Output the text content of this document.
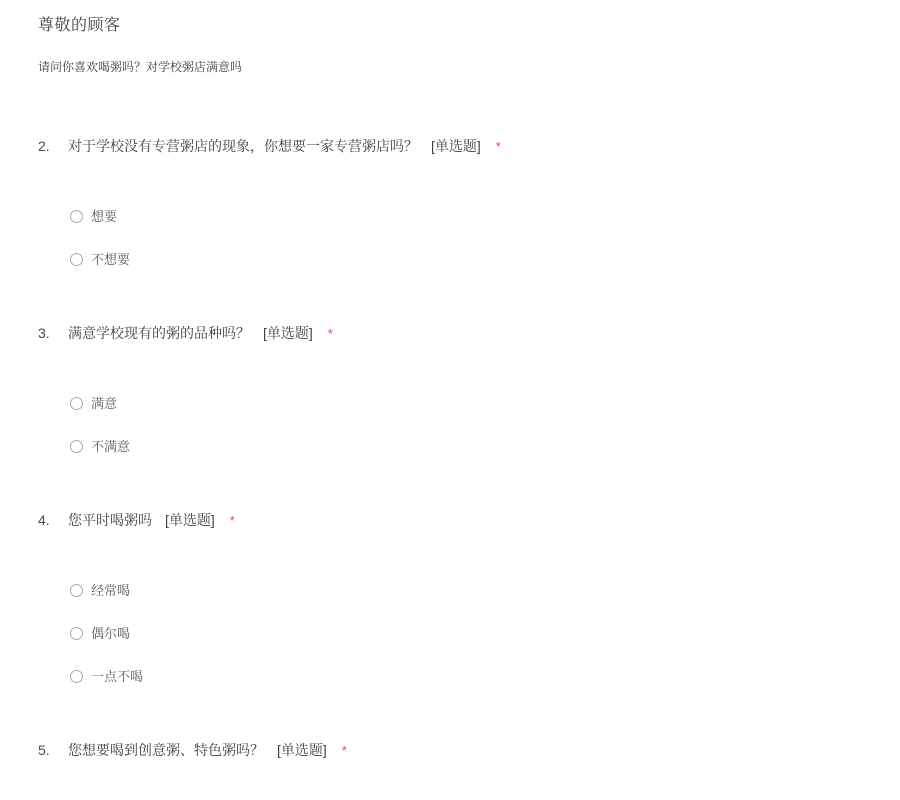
尊敬的顾客
请问你喜欢喝粥吗？对学校粥店满意吗
2. 对于学校没有专营粥店的现象，你想要一家专营粥店吗？ [单选题] *
想要
不想要
3. 满意学校现有的粥的品种吗？ [单选题] *
满意
不满意
4. 您平时喝粥吗 [单选题] *
经常喝
偶尔喝
一点不喝
5. 您想要喝到创意粥、特色粥吗？ [单选题] *
